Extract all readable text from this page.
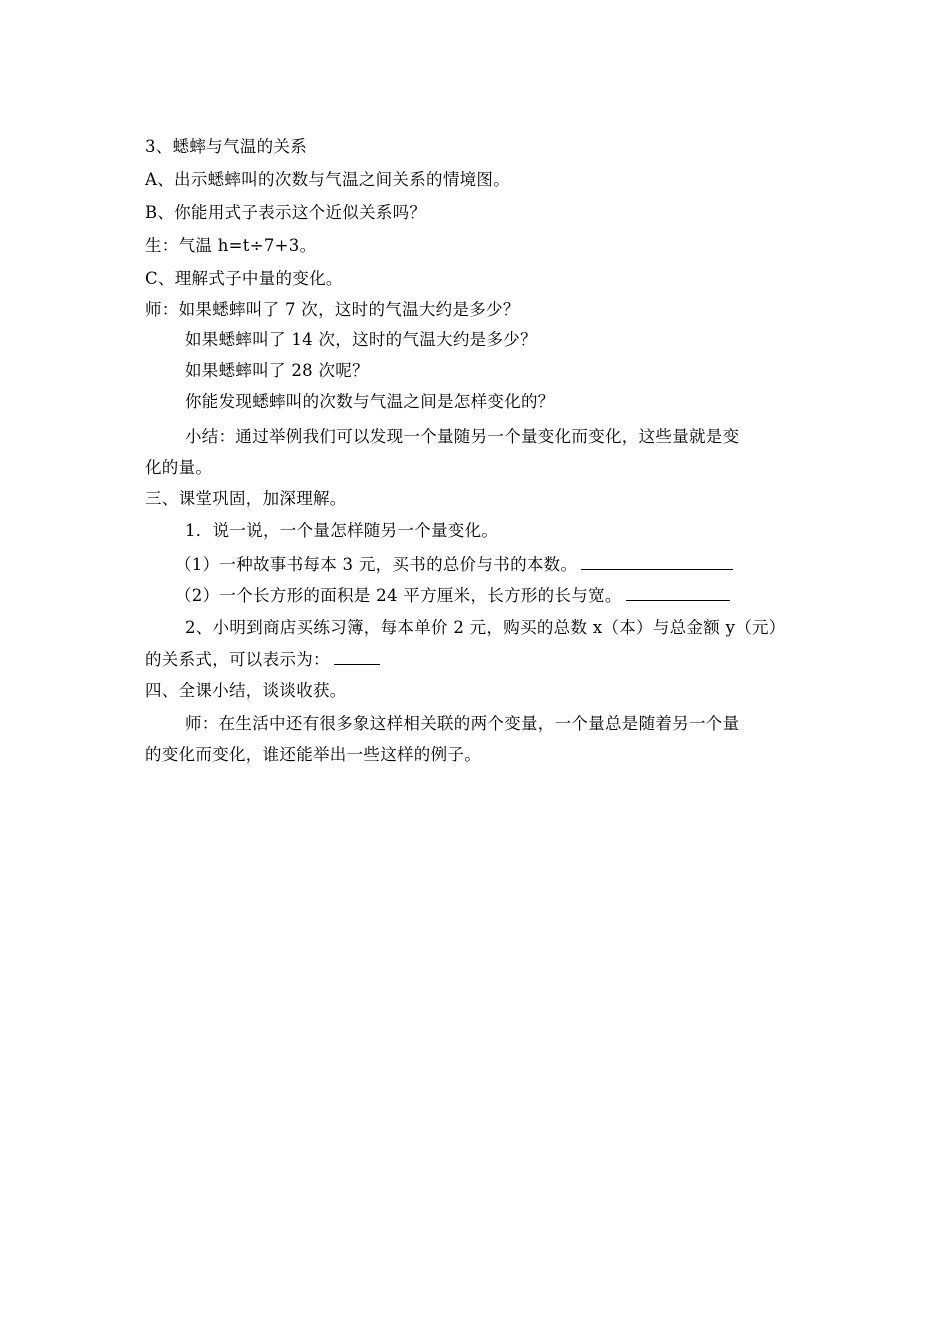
3、蟋蟀与气温的关系
A、出示蟋蟀叫的次数与气温之间关系的情境图。
B、你能用式子表示这个近似关系吗？
生：气温 h=t÷7+3。
C、理解式子中量的变化。
师：如果蟋蟀叫了 7 次，这时的气温大约是多少？
如果蟋蟀叫了 14 次，这时的气温大约是多少？
如果蟋蟀叫了 28 次呢？
你能发现蟋蟀叫的次数与气温之间是怎样变化的？
小结：通过举例我们可以发现一个量随另一个量变化而变化，这些量就是变
化的量。
三、课堂巩固，加深理解。
1．说一说，一个量怎样随另一个量变化。
（1）一种故事书每本 3 元，买书的总价与书的本数。
（2）一个长方形的面积是 24 平方厘米，长方形的长与宽。
2、小明到商店买练习簿，每本单价 2 元，购买的总数 x（本）与总金额 y（元）
的关系式，可以表示为：
四、全课小结，谈谈收获。
师：在生活中还有很多象这样相关联的两个变量，一个量总是随着另一个量
的变化而变化，谁还能举出一些这样的例子。
